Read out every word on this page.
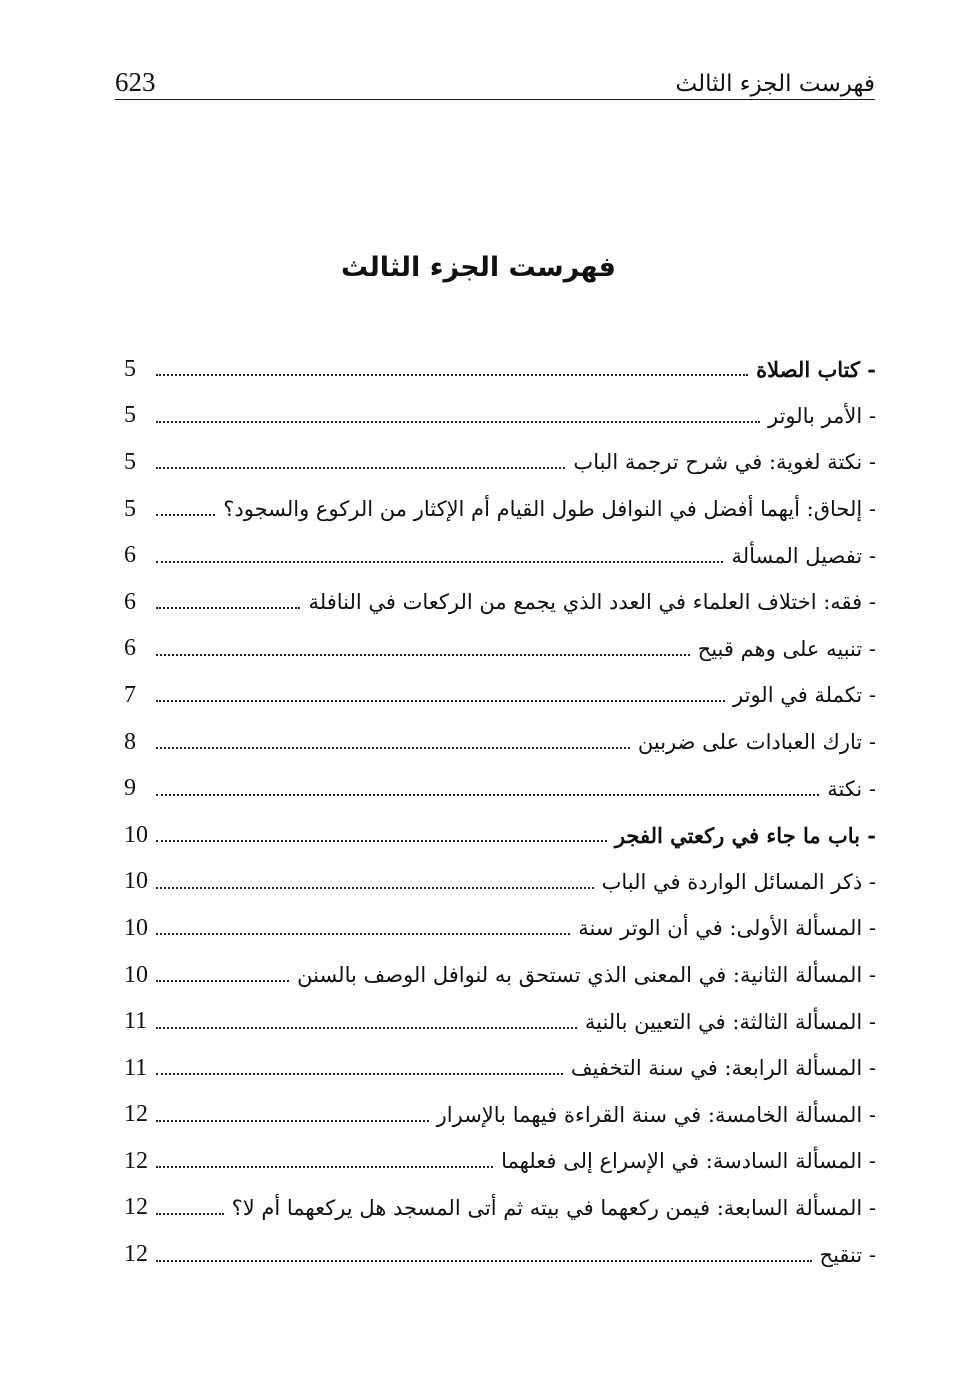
623	فهرست الجزء الثالث
فهرست الجزء الثالث
- كتاب الصلاة
5
- الأمر بالوتر
5
- نكتة لغوية: في شرح ترجمة الباب
5
- إلحاق: أيهما أفضل في النوافل طول القيام أم الإكثار من الركوع والسجود؟
5
- تفصيل المسألة
6
- فقه: اختلاف العلماء في العدد الذي يجمع من الركعات في النافلة
6
- تنبيه على وهم قبيح
6
- تكملة في الوتر
7
- تارك العبادات على ضربين
8
- نكتة
9
- باب ما جاء في ركعتي الفجر
10
- ذكر المسائل الواردة في الباب
10
- المسألة الأولى: في أن الوتر سنة
10
- المسألة الثانية: في المعنى الذي تستحق به لنوافل الوصف بالسنن
10
- المسألة الثالثة: في التعيين بالنية
11
- المسألة الرابعة: في سنة التخفيف
11
- المسألة الخامسة: في سنة القراءة فيهما بالإسرار
12
- المسألة السادسة: في الإسراع إلى فعلهما
12
- المسألة السابعة: فيمن ركعهما في بيته ثم أتى المسجد هل يركعهما أم لا؟
12
- تنقيح
12
